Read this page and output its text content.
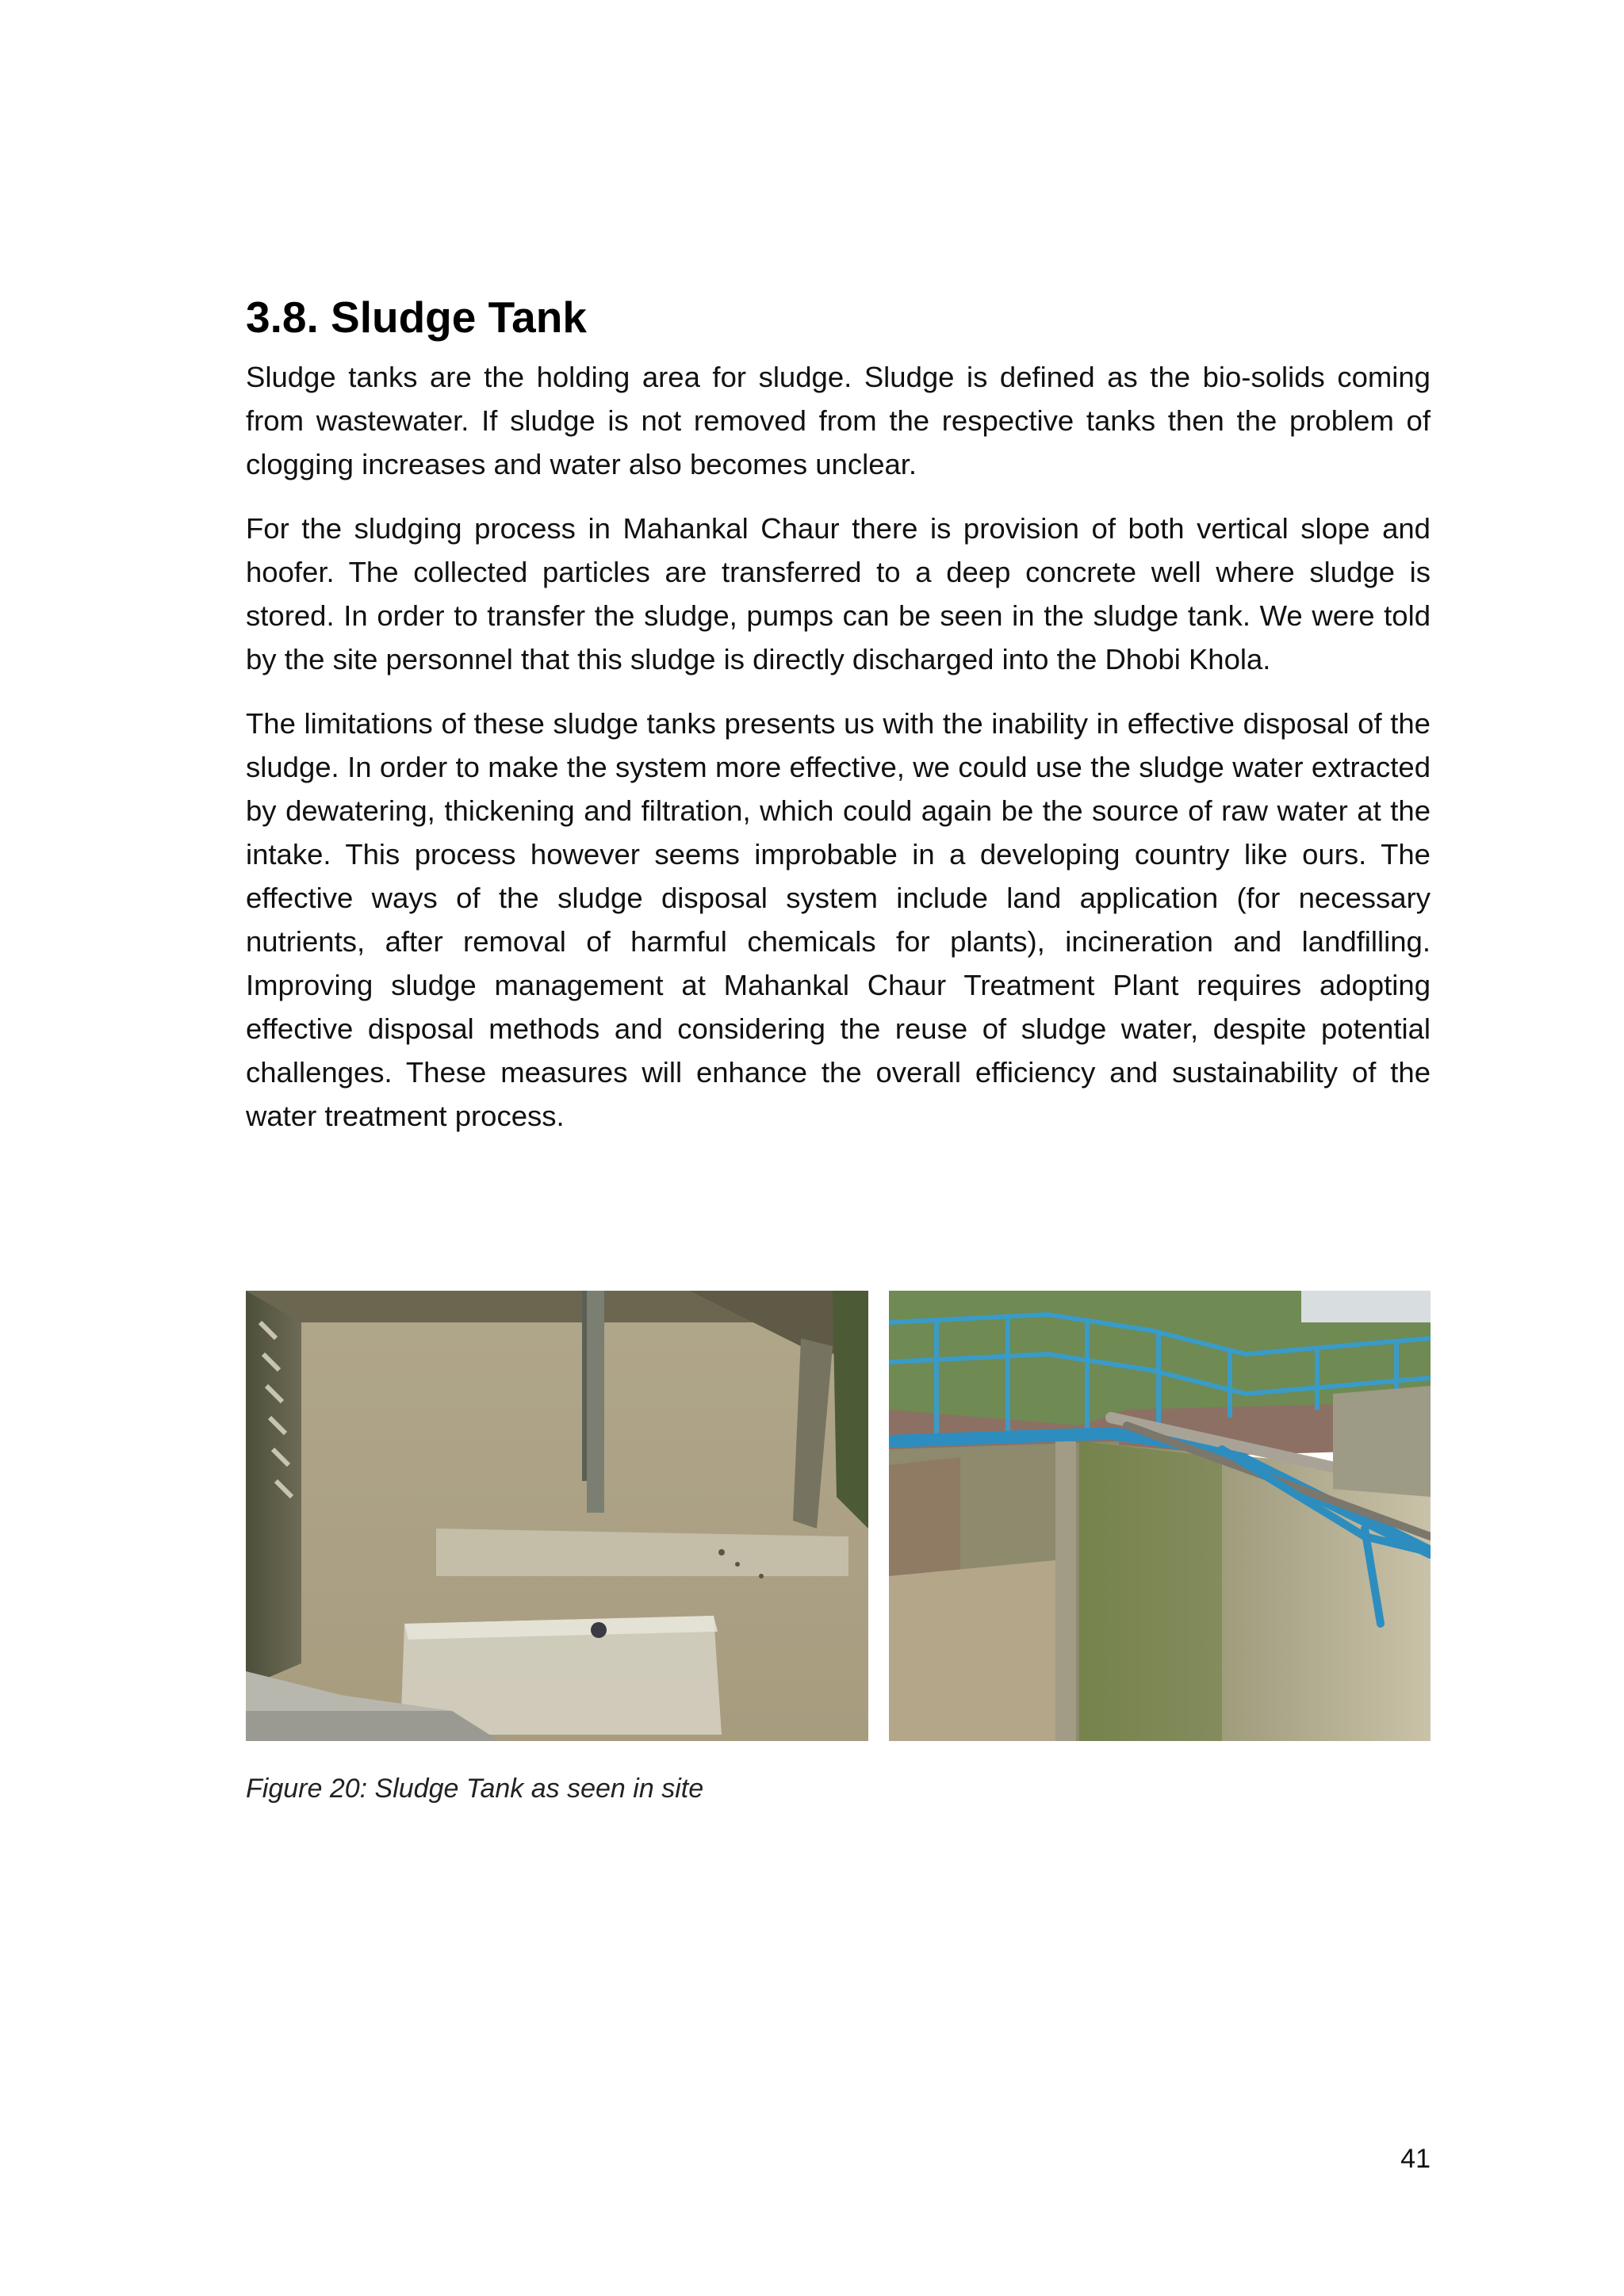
3.8. Sludge Tank

Sludge tanks are the holding area for sludge. Sludge is defined as the bio-solids coming from wastewater. If sludge is not removed from the respective tanks then the problem of clogging increases and water also becomes unclear.

For the sludging process in Mahankal Chaur there is provision of both vertical slope and hoofer. The collected particles are transferred to a deep concrete well where sludge is stored. In order to transfer the sludge, pumps can be seen in the sludge tank. We were told by the site personnel that this sludge is directly discharged into the Dhobi Khola.

The limitations of these sludge tanks presents us with the inability in effective disposal of the sludge. In order to make the system more effective, we could use the sludge water extracted by dewatering, thickening and filtration, which could again be the source of raw water at the intake. This process however seems improbable in a developing country like ours. The effective ways of the sludge disposal system include land application (for necessary nutrients, after removal of harmful chemicals for plants), incineration and landfilling. Improving sludge management at Mahankal Chaur Treatment Plant requires adopting effective disposal methods and considering the reuse of sludge water, despite potential challenges. These measures will enhance the overall efficiency and sustainability of the water treatment process.

Figure 20: Sludge Tank as seen in site
41
